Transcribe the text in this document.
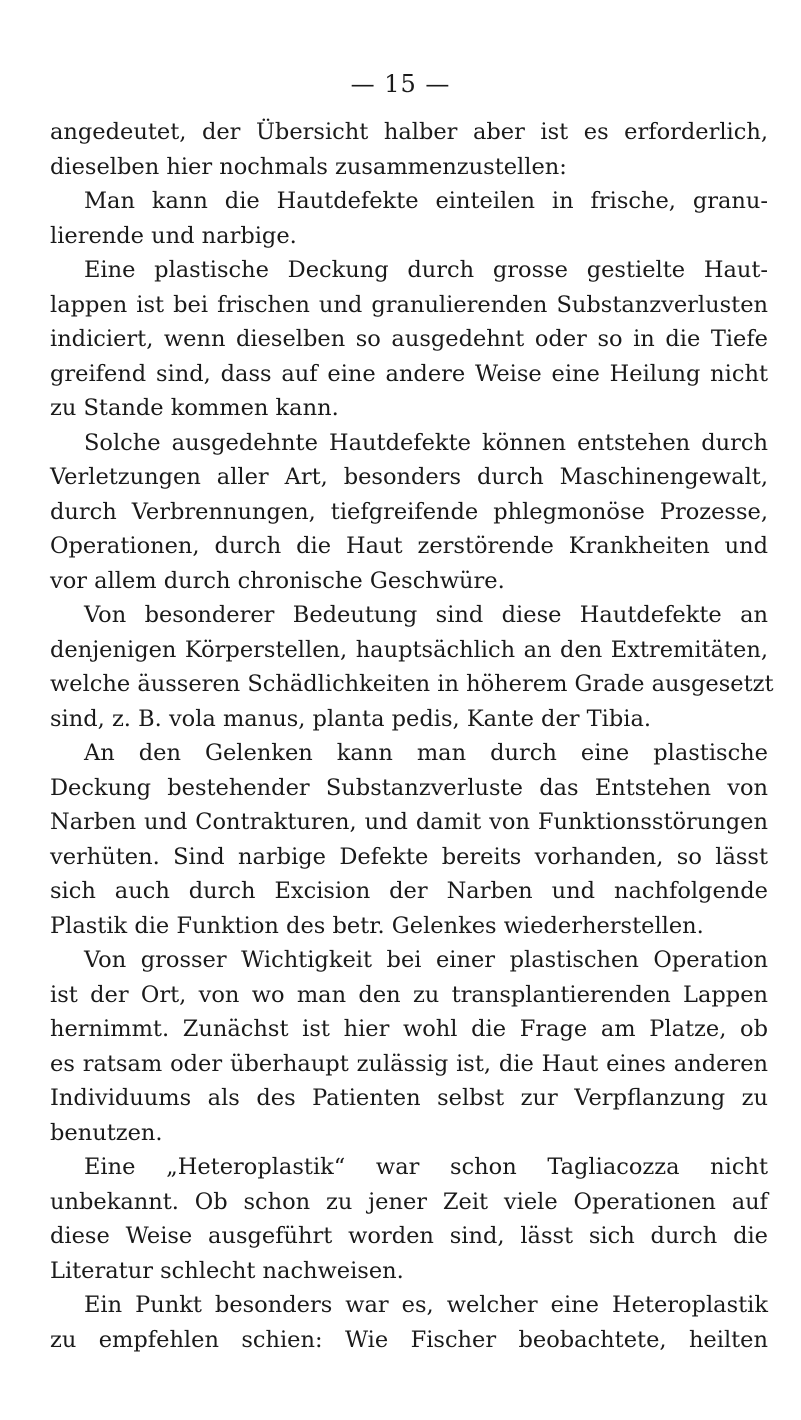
— 15 —
angedeutet, der Übersicht halber aber ist es erforderlich,
dieselben hier nochmals zusammenzustellen:
Man kann die Hautdefekte einteilen in frische, granu-
lierende und narbige.
Eine plastische Deckung durch grosse gestielte Haut-
lappen ist bei frischen und granulierenden Substanzverlusten
indiciert, wenn dieselben so ausgedehnt oder so in die Tiefe
greifend sind, dass auf eine andere Weise eine Heilung nicht
zu Stande kommen kann.
Solche ausgedehnte Hautdefekte können entstehen durch
Verletzungen aller Art, besonders durch Maschinengewalt,
durch Verbrennungen, tiefgreifende phlegmonöse Prozesse,
Operationen, durch die Haut zerstörende Krankheiten und
vor allem durch chronische Geschwüre.
Von besonderer Bedeutung sind diese Hautdefekte an
denjenigen Körperstellen, hauptsächlich an den Extremitäten,
welche äusseren Schädlichkeiten in höherem Grade ausgesetzt
sind, z. B. vola manus, planta pedis, Kante der Tibia.
An den Gelenken kann man durch eine plastische
Deckung bestehender Substanzverluste das Entstehen von
Narben und Contrakturen, und damit von Funktionsstörungen
verhüten. Sind narbige Defekte bereits vorhanden, so lässt
sich auch durch Excision der Narben und nachfolgende
Plastik die Funktion des betr. Gelenkes wiederherstellen.
Von grosser Wichtigkeit bei einer plastischen Operation
ist der Ort, von wo man den zu transplantierenden Lappen
hernimmt. Zunächst ist hier wohl die Frage am Platze, ob
es ratsam oder überhaupt zulässig ist, die Haut eines anderen
Individuums als des Patienten selbst zur Verpflanzung zu
benutzen.
Eine „Heteroplastik“ war schon Tagliacozza nicht
unbekannt. Ob schon zu jener Zeit viele Operationen auf
diese Weise ausgeführt worden sind, lässt sich durch die
Literatur schlecht nachweisen.
Ein Punkt besonders war es, welcher eine Heteroplastik
zu empfehlen schien: Wie Fischer beobachtete, heilten
